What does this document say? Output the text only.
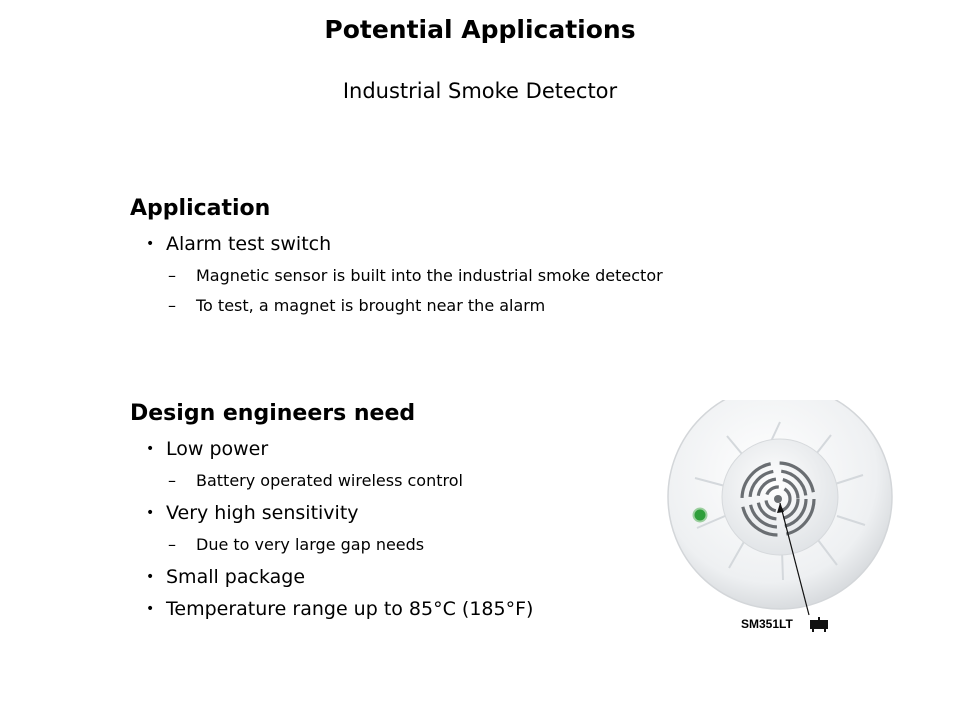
Potential Applications
Industrial Smoke Detector
Application
• Alarm test switch
– Magnetic sensor is built into the industrial smoke detector
– To test, a magnet is brought near the alarm
Design engineers need
• Low power
– Battery operated wireless control
• Very high sensitivity
– Due to very large gap needs
• Small package
• Temperature range up to 85°C (185°F)
SM351LT
